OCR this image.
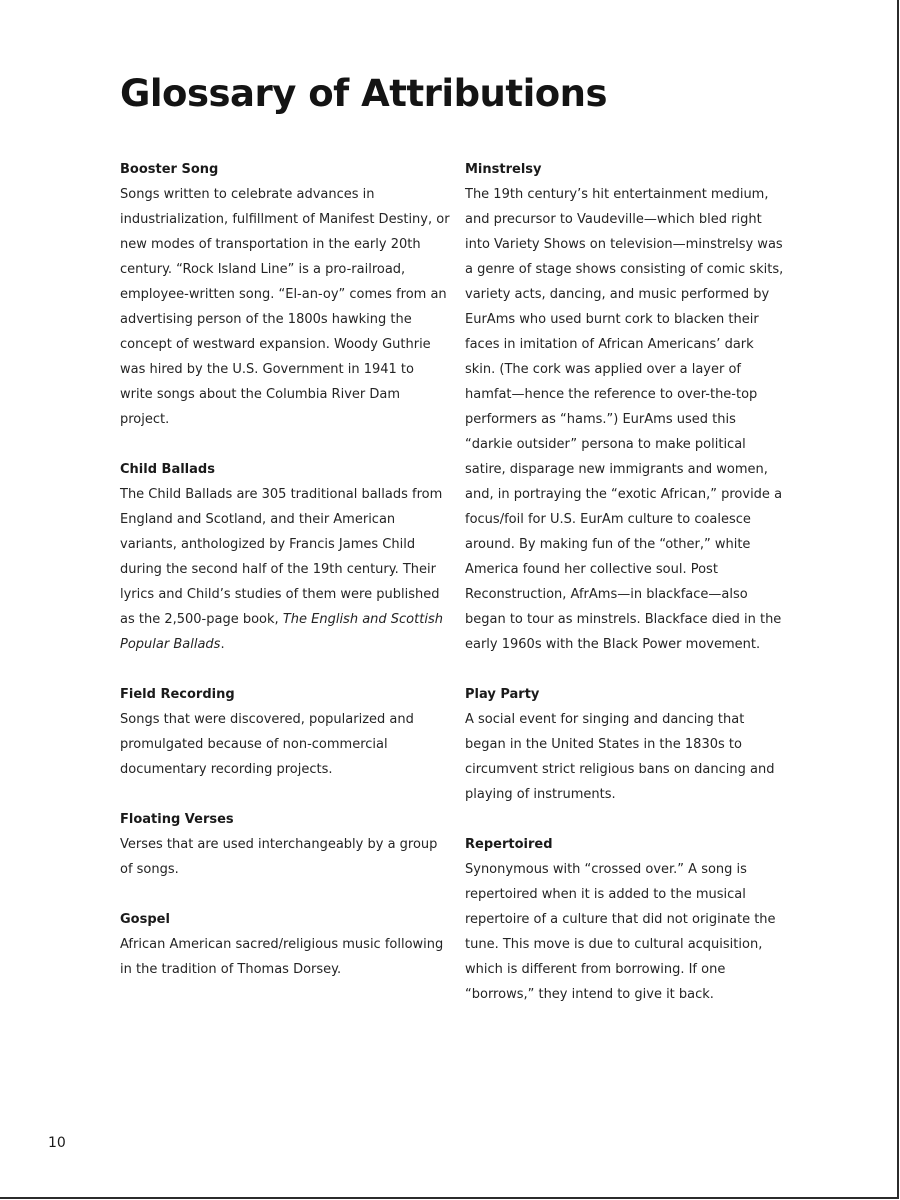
Glossary of Attributions

Booster Song

Songs written to celebrate advances in industrialization, fulfillment of Manifest Destiny, or new modes of transportation in the early 20th century. “Rock Island Line” is a pro-railroad, employee-written song. “El-an-oy” comes from an advertising person of the 1800s hawking the concept of westward expansion. Woody Guthrie was hired by the U.S. Government in 1941 to write songs about the Columbia River Dam project.

Child Ballads

The Child Ballads are 305 traditional ballads from England and Scotland, and their American variants, anthologized by Francis James Child during the second half of the 19th century. Their lyrics and Child’s studies of them were published as the 2,500-page book, The English and Scottish Popular Ballads.

Field Recording

Songs that were discovered, popularized and promulgated because of non-commercial documentary recording projects.

Floating Verses

Verses that are used interchangeably by a group of songs.

Gospel

African American sacred/religious music following in the tradition of Thomas Dorsey.

Minstrelsy

The 19th century’s hit entertainment medium, and precursor to Vaudeville—which bled right into Variety Shows on television—minstrelsy was a genre of stage shows consisting of comic skits, variety acts, dancing, and music performed by EurAms who used burnt cork to blacken their faces in imitation of African Americans’ dark skin. (The cork was applied over a layer of hamfat—hence the reference to over-the-top performers as “hams.”) EurAms used this “darkie outsider” persona to make political satire, disparage new immigrants and women, and, in portraying the “exotic African,” provide a focus/foil for U.S. EurAm culture to coalesce around. By making fun of the “other,” white America found her collective soul. Post Reconstruction, AfrAms—in blackface—also began to tour as minstrels. Blackface died in the early 1960s with the Black Power movement.

Play Party

A social event for singing and dancing that began in the United States in the 1830s to circumvent strict religious bans on dancing and playing of instruments.

Repertoired

Synonymous with “crossed over.” A song is repertoired when it is added to the musical repertoire of a culture that did not originate the tune. This move is due to cultural acquisition, which is different from borrowing. If one “borrows,” they intend to give it back.

10
